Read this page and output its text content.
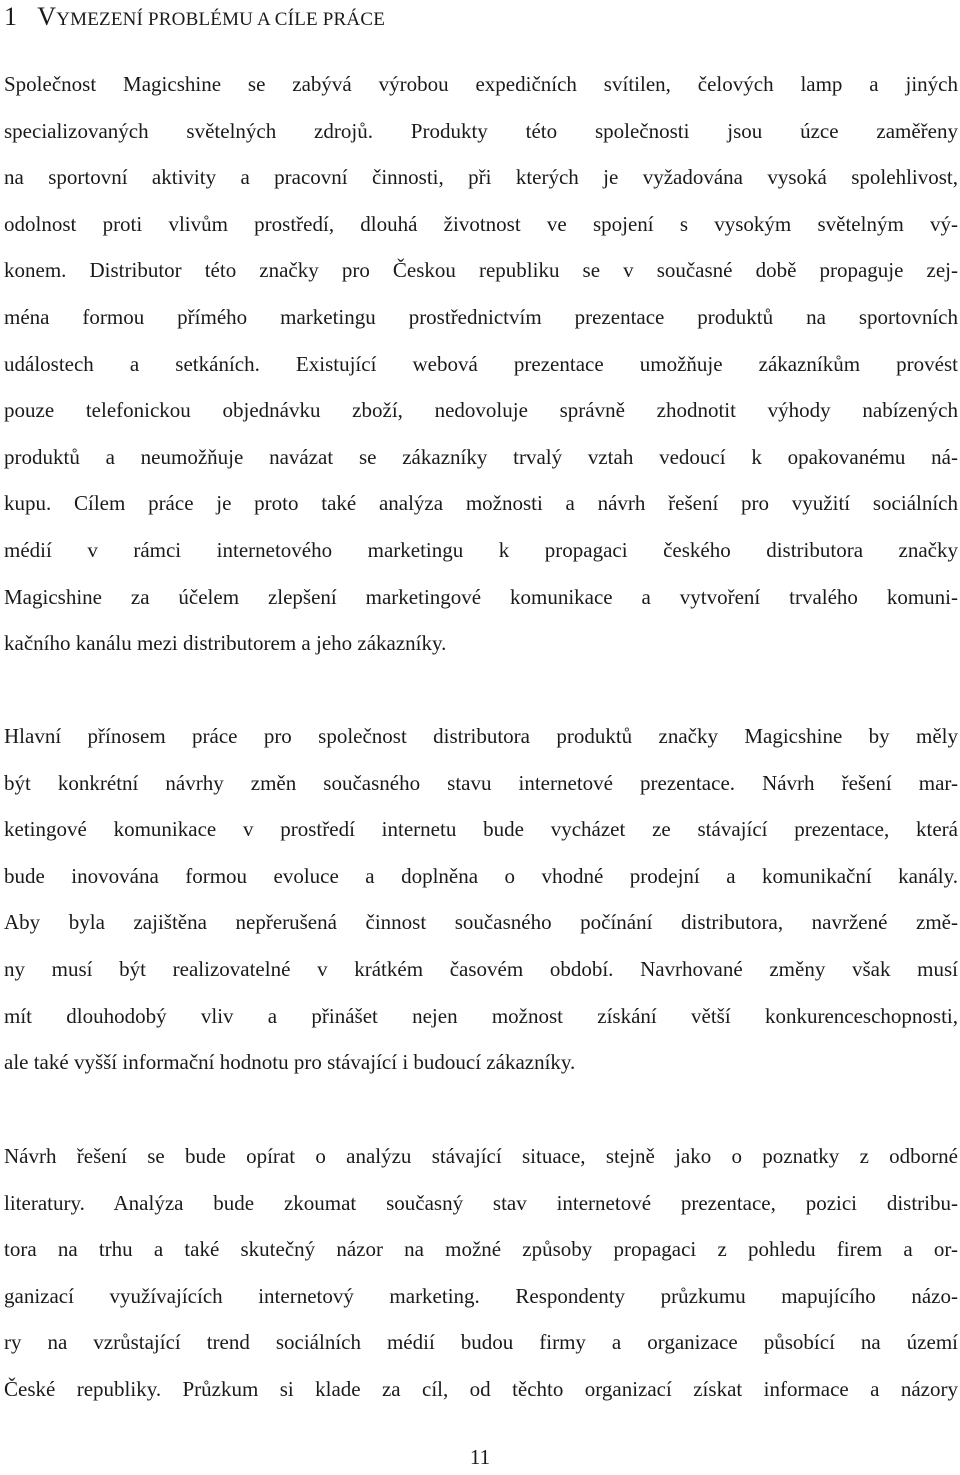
1 VYMEZENÍ PROBLÉMU A CÍLE PRÁCE
Společnost Magicshine se zabývá výrobou expedičních svítilen, čelových lamp a jiných
specializovaných světelných zdrojů. Produkty této společnosti jsou úzce zaměřeny
na sportovní aktivity a pracovní činnosti, při kterých je vyžadována vysoká spolehlivost,
odolnost proti vlivům prostředí, dlouhá životnost ve spojení s vysokým světelným vý-
konem. Distributor této značky pro Českou republiku se v současné době propaguje zej-
ména formou přímého marketingu prostřednictvím prezentace produktů na sportovních
událostech a setkáních. Existující webová prezentace umožňuje zákazníkům provést
pouze telefonickou objednávku zboží, nedovoluje správně zhodnotit výhody nabízených
produktů a neumožňuje navázat se zákazníky trvalý vztah vedoucí k opakovanému ná-
kupu. Cílem práce je proto také analýza možnosti a návrh řešení pro využití sociálních
médií v rámci internetového marketingu k propagaci českého distributora značky
Magicshine za účelem zlepšení marketingové komunikace a vytvoření trvalého komuni-
kačního kanálu mezi distributorem a jeho zákazníky.
Hlavní přínosem práce pro společnost distributora produktů značky Magicshine by měly
být konkrétní návrhy změn současného stavu internetové prezentace. Návrh řešení mar-
ketingové komunikace v prostředí internetu bude vycházet ze stávající prezentace, která
bude inovována formou evoluce a doplněna o vhodné prodejní a komunikační kanály.
Aby byla zajištěna nepřerušená činnost současného počínání distributora, navržené změ-
ny musí být realizovatelné v krátkém časovém období. Navrhované změny však musí
mít dlouhodobý vliv a přinášet nejen možnost získání větší konkurenceschopnosti,
ale také vyšší informační hodnotu pro stávající i budoucí zákazníky.
Návrh řešení se bude opírat o analýzu stávající situace, stejně jako o poznatky z odborné
literatury. Analýza bude zkoumat současný stav internetové prezentace, pozici distribu-
tora na trhu a také skutečný názor na možné způsoby propagaci z pohledu firem a or-
ganizací využívajících internetový marketing. Respondenty průzkumu mapujícího názo-
ry na vzrůstající trend sociálních médií budou firmy a organizace působící na území
České republiky. Průzkum si klade za cíl, od těchto organizací získat informace a názory
11
